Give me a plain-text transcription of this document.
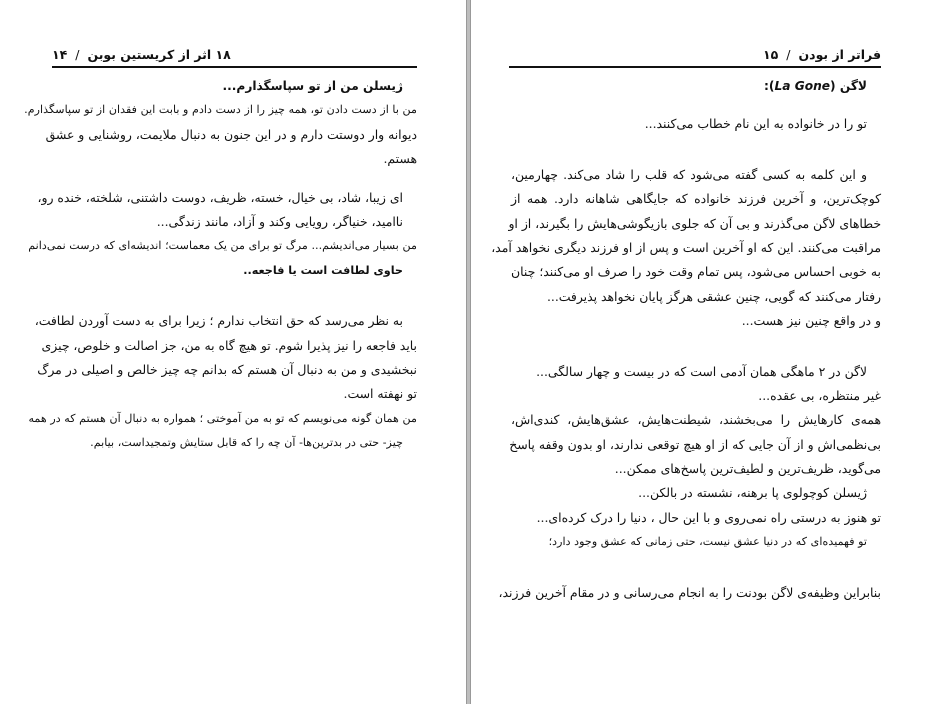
۱۸ اثر از کریستین بوبن/۱۴
ژیسلن من از تو سپاسگذارم...
من با از دست دادن تو، همه چیز را از دست دادم و بابت این فقدان از تو سپاسگذارم.
دیوانه وار دوستت دارم و در این جنون به دنبال ملایمت، روشنایی و عشق
هستم.
ای زیبا، شاد، بی خیال، خسته، ظریف، دوست داشتنی، شلخته، خنده رو،
ناامید، خنیاگر، رویایی وکند و آزاد، مانند زندگی...
من بسیار می‌اندیشم... مرگ تو برای من یک معماست؛ اندیشه‌ای که درست نمی‌دانم
حاوی لطافت است یا فاجعه..
به نظر می‌رسد که حق انتخاب ندارم ؛ زیرا برای به دست آوردن لطافت،
باید فاجعه را نیز پذیرا شوم. تو هیچ گاه به من، جز اصالت و خلوص، چیزی
نبخشیدی و من به دنبال آن هستم که بدانم چه چیز خالص و اصیلی در مرگ
تو نهفته است.
من همان گونه می‌نویسم که تو به من آموختی ؛ همواره به دنبال آن هستم که در همه
چیز- حتی در بدترین‌ها- آن چه را که قابل ستایش وتمجیداست، بیابم.
فراتر از بودن/۱۵
لاگن (La Gone):
تو را در خانواده به این نام خطاب می‌کنند...
و این کلمه به کسی گفته می‌شود که قلب را شاد می‌کند. چهارمین،
کوچک‌ترین، و آخرین فرزند خانواده که جایگاهی شاهانه دارد. همه از
خطاهای لاگن می‌گذرند و بی آن که جلوی بازیگوشی‌هایش را بگیرند، از او
مراقبت می‌کنند. این که او آخرین است و پس از او فرزند دیگری نخواهد آمد،
به خوبی احساس می‌شود، پس تمام وقت خود را صرف او می‌کنند؛ چنان
رفتار می‌کنند که گویی، چنین عشقی هرگز پایان نخواهد پذیرفت...
و در واقع چنین نیز هست...
لاگن در ۲ ماهگی همان آدمی است که در بیست و چهار سالگی...
غیر منتظره، بی عقده...
همه‌ی کارهایش را می‌بخشند، شیطنت‌هایش، عشق‌هایش، کندی‌اش،
بی‌نظمی‌اش و از آن جایی که از او هیچ توقعی ندارند، او بدون وقفه پاسخ
می‌گوید، ظریف‌ترین و لطیف‌ترین پاسخ‌های ممکن...
ژیسلن کوچولوی پا برهنه، نشسته در بالکن...
تو هنوز به درستی راه نمی‌روی و با این حال ، دنیا را درک کرده‌ای...
تو فهمیده‌ای که در دنیا عشق نیست، حتی زمانی که عشق وجود دارد؛
بنابراین وظیفه‌ی لاگن بودنت را به انجام می‌رسانی و در مقام آخرین فرزند،
